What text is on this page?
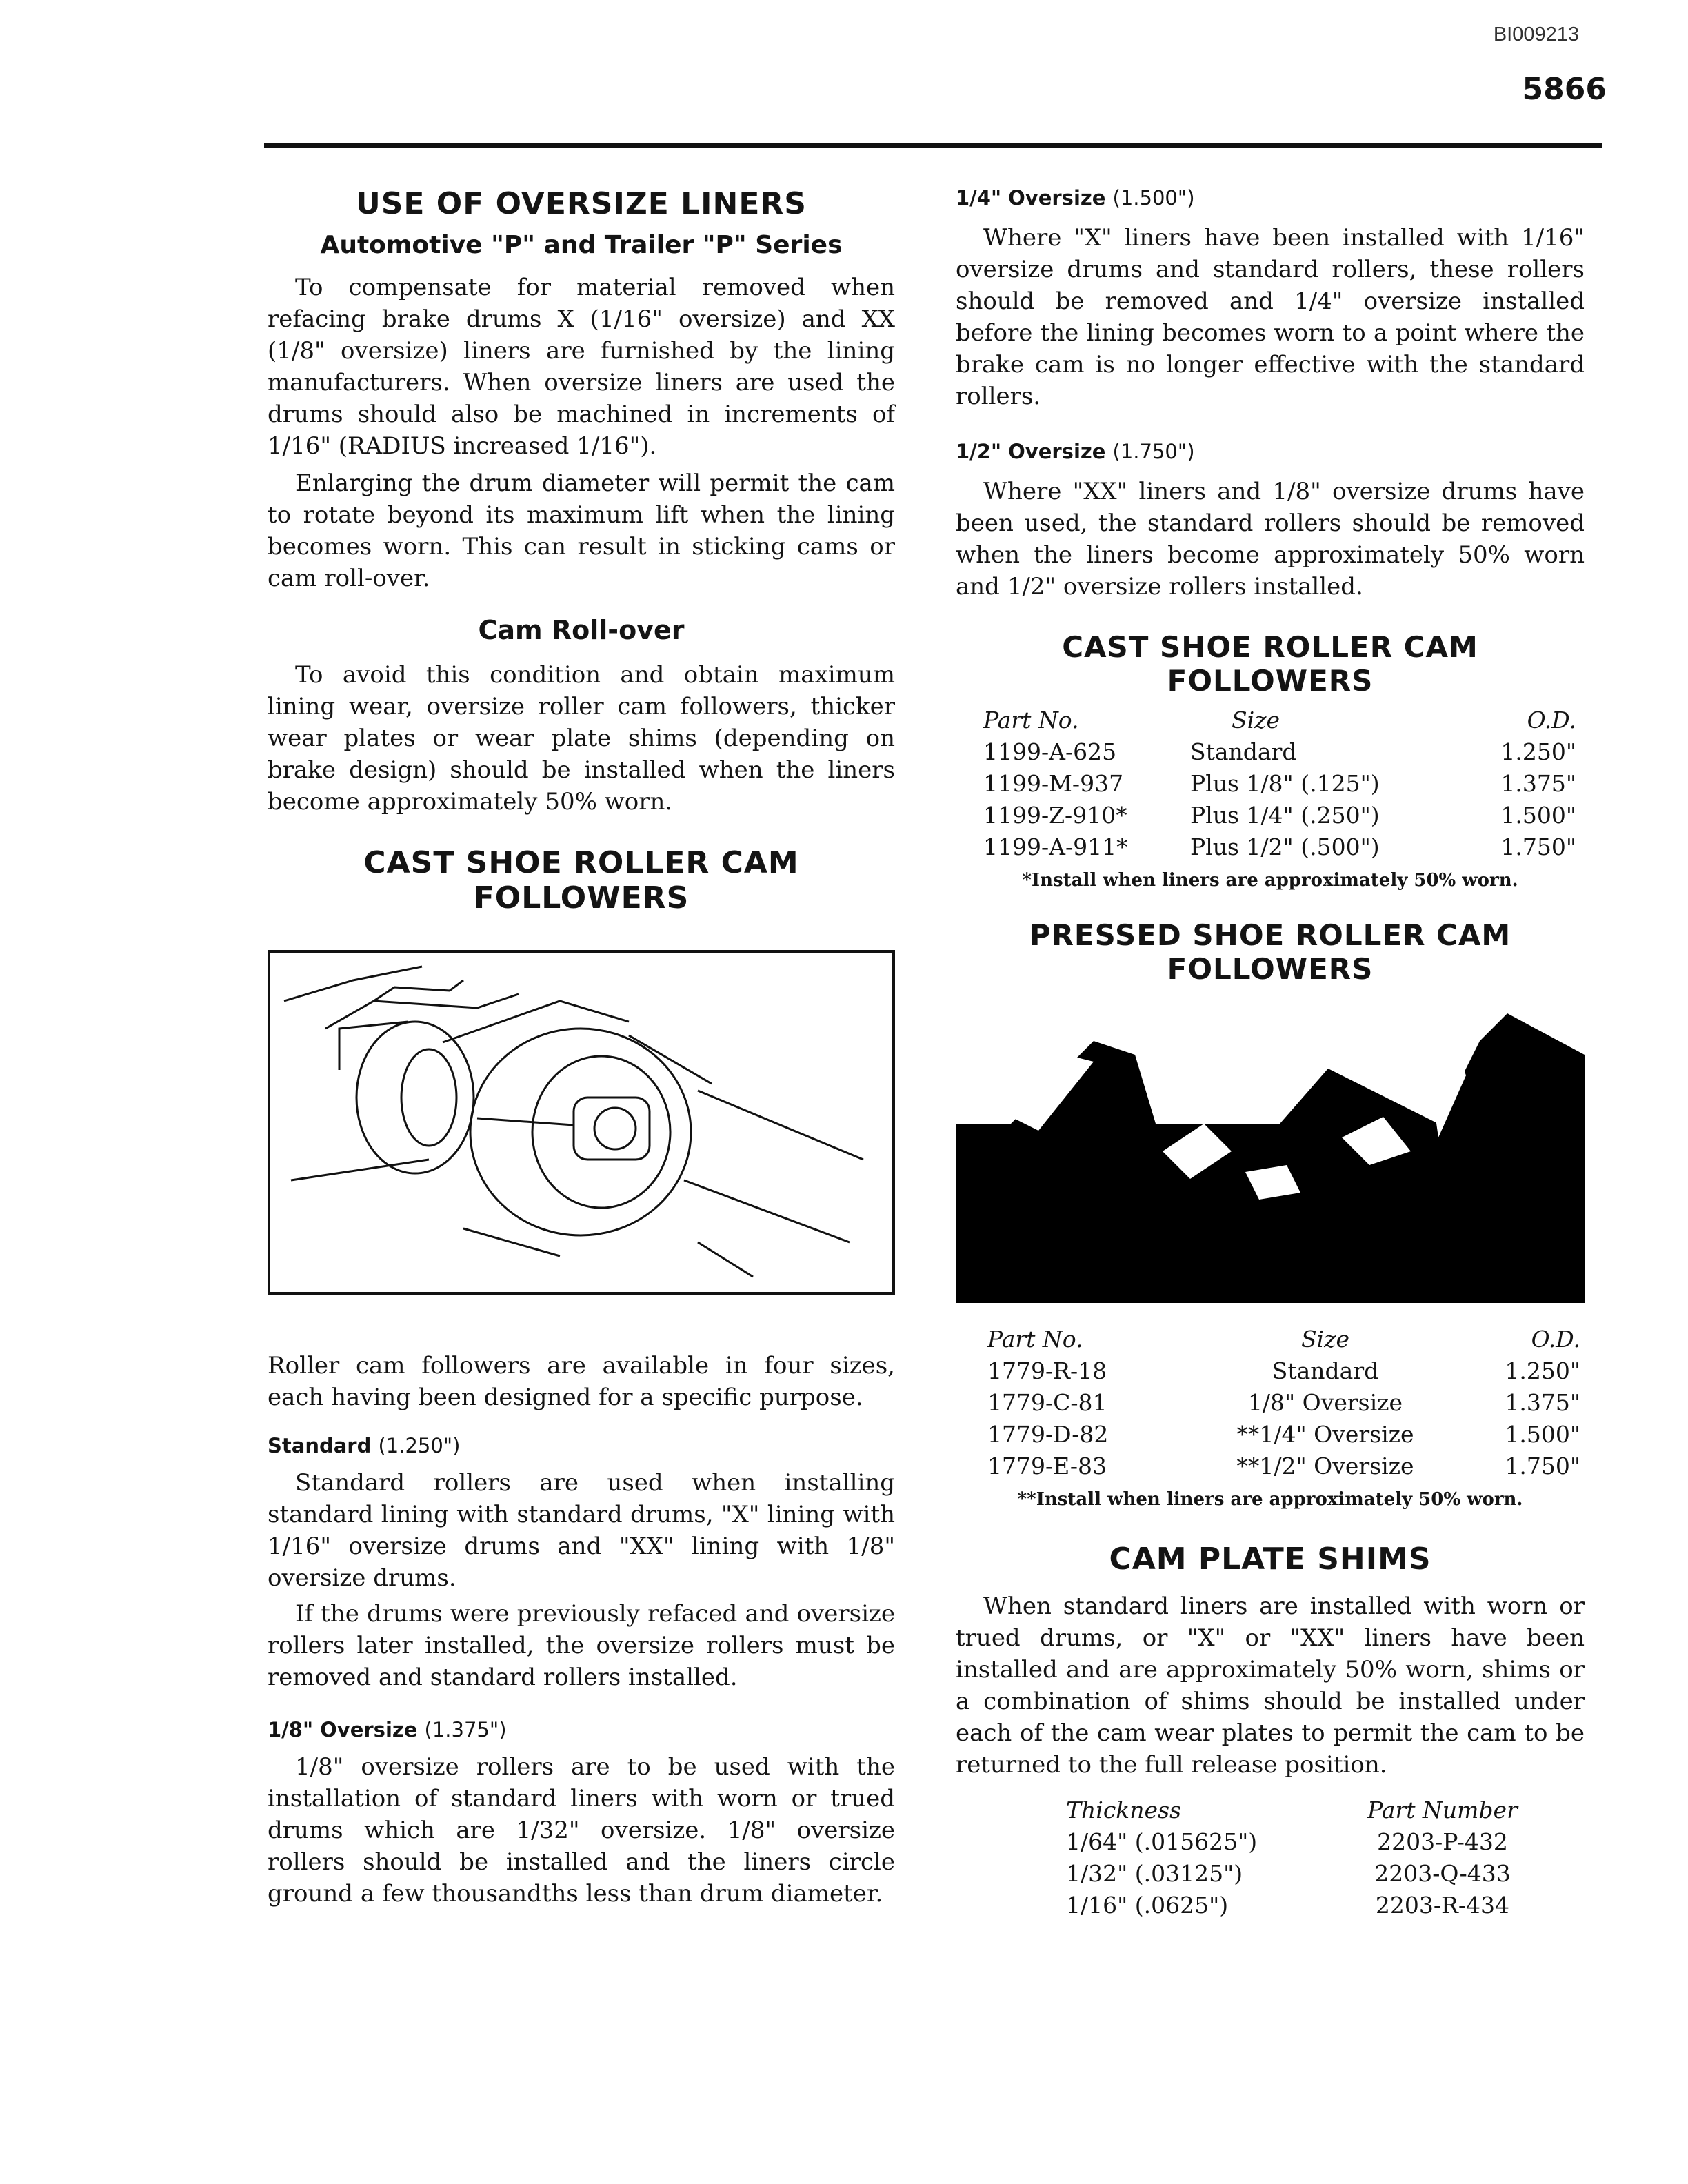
BI009213
5866
USE OF OVERSIZE LINERS
Automotive "P" and Trailer "P" Series

To compensate for material removed when refacing brake drums X (1/16" oversize) and XX (1/8" oversize) liners are furnished by the lining manufacturers. When oversize liners are used the drums should also be machined in increments of 1/16" (RADIUS increased 1/16").

Enlarging the drum diameter will permit the cam to rotate beyond its maximum lift when the lining becomes worn. This can result in sticking cams or cam roll-over.

Cam Roll-over

To avoid this condition and obtain maximum lining wear, oversize roller cam followers, thicker wear plates or wear plate shims (depending on brake design) should be installed when the liners become approximately 50% worn.

CAST SHOE ROLLER CAM FOLLOWERS

Roller cam followers are available in four sizes, each having been designed for a specific purpose.

Standard (1.250")

Standard rollers are used when installing standard lining with standard drums, "X" lining with 1/16" oversize drums and "XX" lining with 1/8" oversize drums.

If the drums were previously refaced and oversize rollers later installed, the oversize rollers must be removed and standard rollers installed.

1/8" Oversize (1.375")

1/8" oversize rollers are to be used with the installation of standard liners with worn or trued drums which are 1/32" oversize. 1/8" oversize rollers should be installed and the liners circle ground a few thousandths less than drum diameter.

1/4" Oversize (1.500")

Where "X" liners have been installed with 1/16" oversize drums and standard rollers, these rollers should be removed and 1/4" oversize installed before the lining becomes worn to a point where the brake cam is no longer effective with the standard rollers.

1/2" Oversize (1.750")

Where "XX" liners and 1/8" oversize drums have been used, the standard rollers should be removed when the liners become approximately 50% worn and 1/2" oversize rollers installed.

CAST SHOE ROLLER CAM FOLLOWERS
Part No.	Size	O.D.
1199-A-625	Standard	1.250"
1199-M-937	Plus 1/8" (.125")	1.375"
1199-Z-910*	Plus 1/4" (.250")	1.500"
1199-A-911*	Plus 1/2" (.500")	1.750"
*Install when liners are approximately 50% worn.
PRESSED SHOE ROLLER CAM FOLLOWERS
Part No.	Size	O.D.
1779-R-18	Standard	1.250"
1779-C-81	1/8" Oversize	1.375"
1779-D-82	**1/4" Oversize	1.500"
1779-E-83	**1/2" Oversize	1.750"
**Install when liners are approximately 50% worn.
CAM PLATE SHIMS

When standard liners are installed with worn or trued drums, or "X" or "XX" liners have been installed and are approximately 50% worn, shims or a combination of shims should be installed under each of the cam wear plates to permit the cam to be returned to the full release position.

Thickness	Part Number
1/64" (.015625")	2203-P-432
1/32" (.03125")	2203-Q-433
1/16" (.0625")	2203-R-434
